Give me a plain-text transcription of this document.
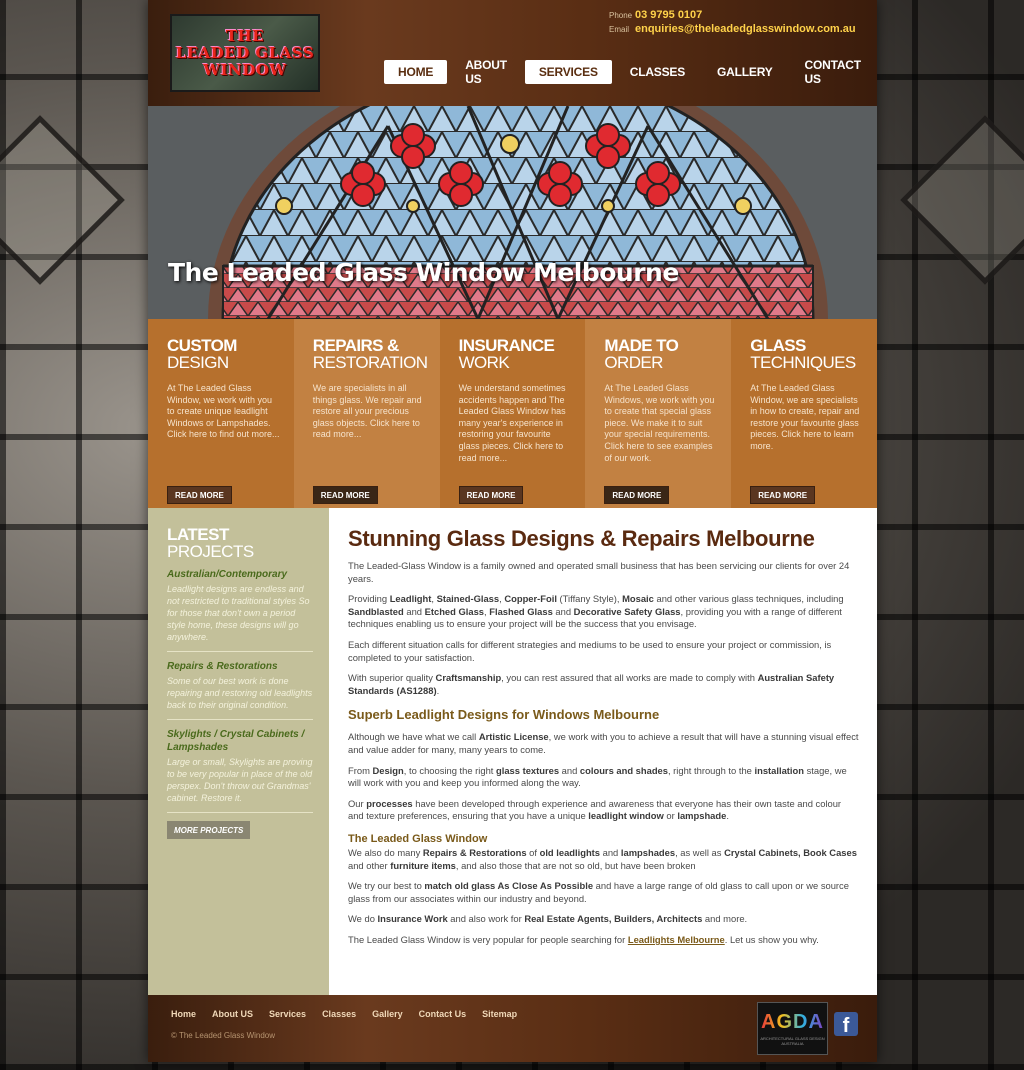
THE
LEADED GLASS
WINDOW
Phone 03 9795 0107
Email enquiries@theleadedglasswindow.com.au
HOME	ABOUT US	SERVICES	CLASSES	GALLERY	CONTACT US
The Leaded Glass Window Melbourne
CUSTOM
DESIGN

At The Leaded Glass Window, we work with you to create unique leadlight Windows or Lampshades. Click here to find out more...

READ MORE
REPAIRS &
RESTORATION

We are specialists in all things glass. We repair and restore all your precious glass objects. Click here to read more...

READ MORE
INSURANCE
WORK

We understand sometimes accidents happen and The Leaded Glass Window has many year's experience in restoring your favourite glass pieces. Click here to read more...

READ MORE
MADE TO
ORDER

At The Leaded Glass Windows, we work with you to create that special glass piece. We make it to suit your special requirements. Click here to see examples of our work.

READ MORE
GLASS
TECHNIQUES

At The Leaded Glass Window, we are specialists in how to create, repair and restore your favourite glass pieces. Click here to learn more.

READ MORE
LATEST
PROJECTS
Australian/Contemporary

Leadlight designs are endless and not restricted to traditional styles So for those that don't own a period style home, these designs will go anywhere.

Repairs & Restorations

Some of our best work is done repairing and restoring old leadlights back to their original condition.

Skylights / Crystal Cabinets / Lampshades

Large or small, Skylights are proving to be very popular in place of the old perspex. Don't throw out Grandmas' cabinet. Restore it.

MORE PROJECTS
Stunning Glass Designs & Repairs Melbourne

The Leaded-Glass Window is a family owned and operated small business that has been servicing our clients for over 24 years.

Providing Leadlight, Stained-Glass, Copper-Foil (Tiffany Style), Mosaic and other various glass techniques, including Sandblasted and Etched Glass, Flashed Glass and Decorative Safety Glass, providing you with a range of different techniques enabling us to ensure your project will be the success that you envisage.

Each different situation calls for different strategies and mediums to be used to ensure your project or commission, is completed to your satisfaction.

With superior quality Craftsmanship, you can rest assured that all works are made to comply with Australian Safety Standards (AS1288).

Superb Leadlight Designs for Windows Melbourne

Although we have what we call Artistic License, we work with you to achieve a result that will have a stunning visual effect and value adder for many, many years to come.

From Design, to choosing the right glass textures and colours and shades, right through to the installation stage, we will work with you and keep you informed along the way.

Our processes have been developed through experience and awareness that everyone has their own taste and colour and texture preferences, ensuring that you have a unique leadlight window or lampshade.

The Leaded Glass Window

We also do many Repairs & Restorations of old leadlights and lampshades, as well as Crystal Cabinets, Book Cases and other furniture items, and also those that are not so old, but have been broken

We try our best to match old glass As Close As Possible and have a large range of old glass to call upon or we source glass from our associates within our industry and beyond.

We do Insurance Work and also work for Real Estate Agents, Builders, Architects and more.

The Leaded Glass Window is very popular for people searching for Leadlights Melbourne. Let us show you why.

Home About US Services Classes Gallery Contact Us Sitemap
© The Leaded Glass Window
AGDA
ARCHITECTURAL GLASS DESIGN AUSTRALIA
f
